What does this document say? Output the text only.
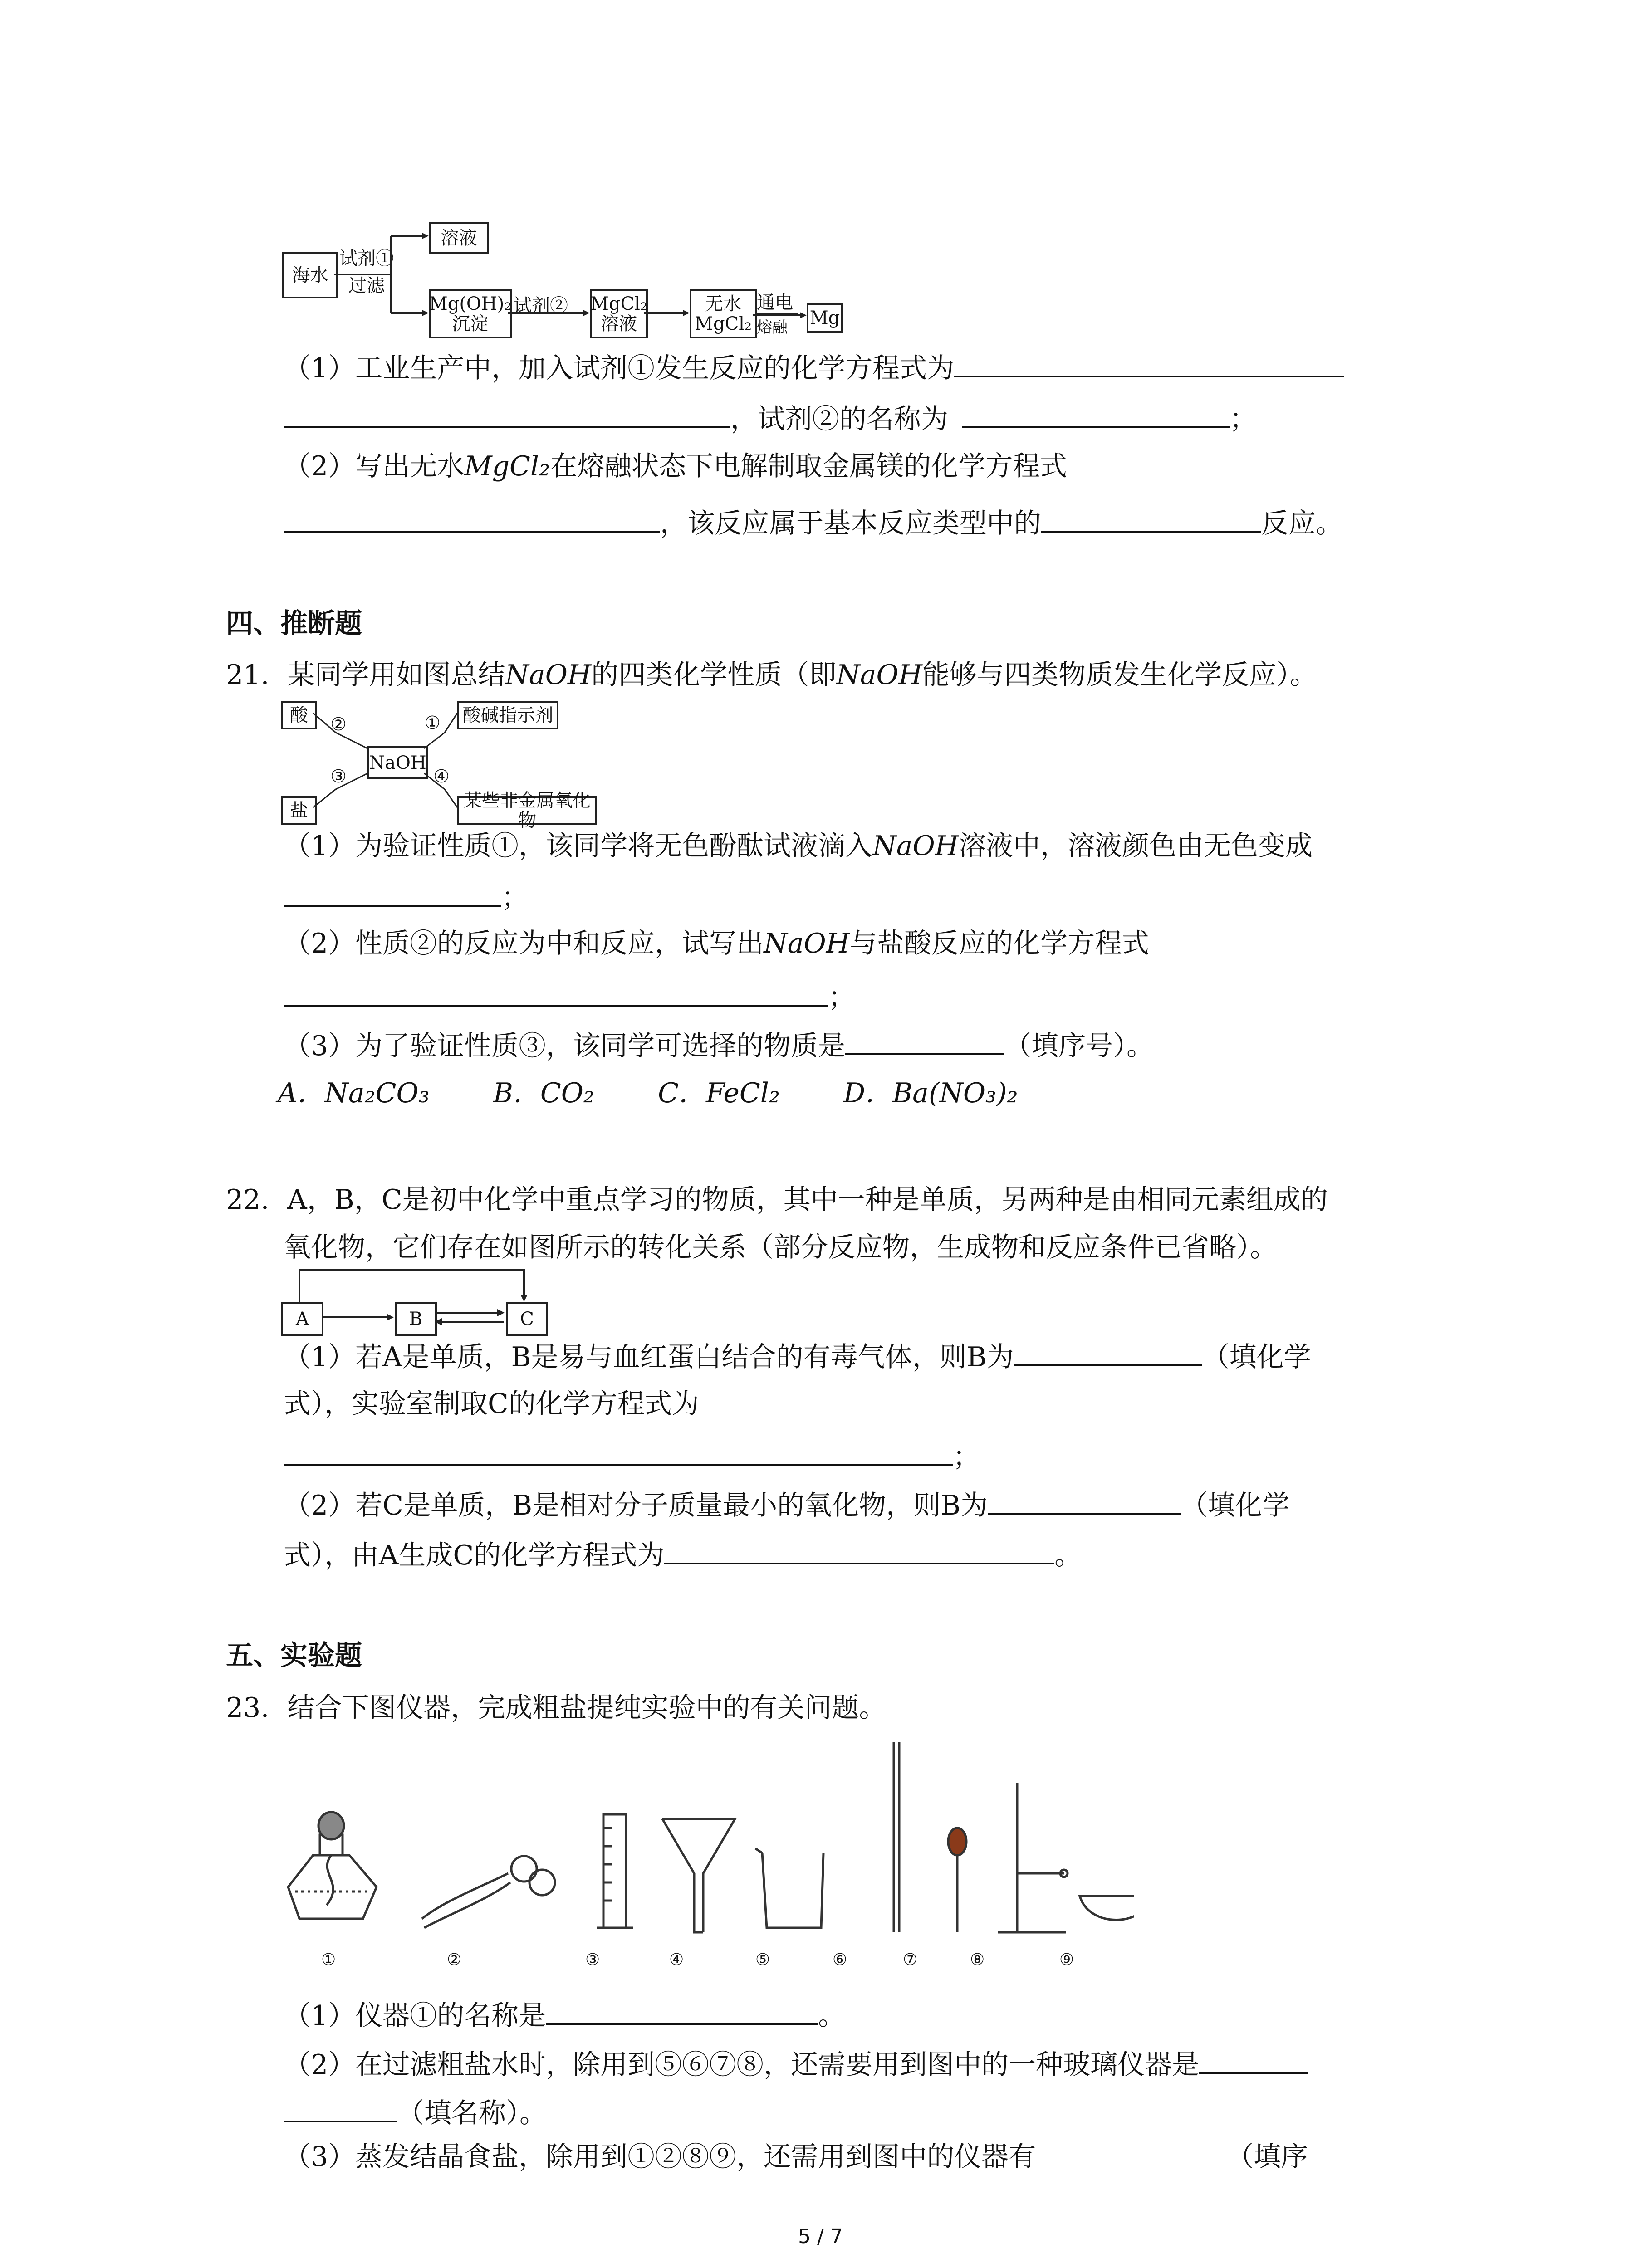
海水
试剂①
过滤
溶液
Mg(OH)₂
沉淀
试剂② MgCl₂
溶液
无水
MgCl₂
通电
熔融 Mg
（1）工业生产中，加入试剂①发生反应的化学方程式为
，试剂②的名称为	；
（2）写出无水MgCl₂在熔融状态下电解制取金属镁的化学方程式
，该反应属于基本反应类型中的	反应。
四、推断题
21. 某同学用如图总结NaOH的四类化学性质（即NaOH能够与四类物质发生化学反应）。
酸	酸碱指示剂
NaOH
盐	某些非金属氧化物
②	①
③	④
（1）为验证性质①，该同学将无色酚酞试液滴入NaOH溶液中，溶液颜色由无色变成
；
（2）性质②的反应为中和反应，试写出NaOH与盐酸反应的化学方程式
；
（3）为了验证性质③，该同学可选择的物质是	（填序号）。
A．Na₂CO₃ B．CO₂ C．FeCl₂ D．Ba(NO₃)₂
22. A，B，C是初中化学中重点学习的物质，其中一种是单质，另两种是由相同元素组成的
氧化物，它们存在如图所示的转化关系（部分反应物，生成物和反应条件已省略）。
A	B	C
（1）若A是单质，B是易与血红蛋白结合的有毒气体，则B为	（填化学
式），实验室制取C的化学方程式为
；
（2）若C是单质，B是相对分子质量最小的氧化物，则B为	（填化学
式），由A生成C的化学方程式为	。
五、实验题
23. 结合下图仪器，完成粗盐提纯实验中的有关问题。
①	②	③	④	⑤	⑥	⑦	⑧	⑨
（1）仪器①的名称是	。
（2）在过滤粗盐水时，除用到⑤⑥⑦⑧，还需要用到图中的一种玻璃仪器是
（填名称）。
（3）蒸发结晶食盐，除用到①②⑧⑨，还需用到图中的仪器有	（填序
5 / 7
